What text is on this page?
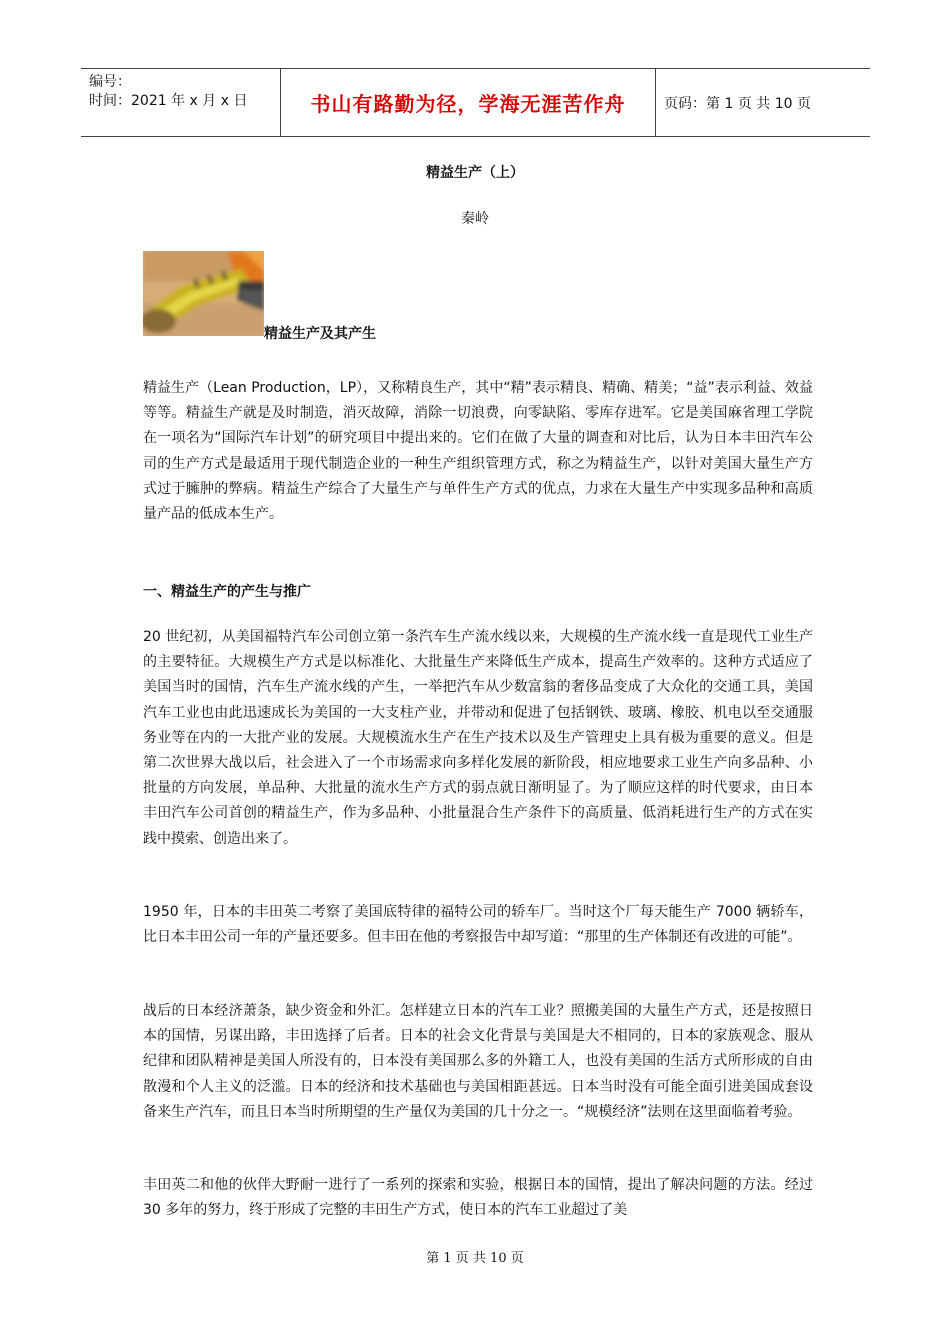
编号：
时间：2021 年 x 月 x 日	书山有路勤为径，学海无涯苦作舟	页码：第 1 页 共 10 页
精益生产（上）
秦岭
精益生产及其产生

精益生产（Lean Production，LP），又称精良生产，其中“精”表示精良、精确、精美；“益”表示利益、效益等等。精益生产就是及时制造，消灭故障，消除一切浪费，向零缺陷、零库存进军。它是美国麻省理工学院在一项名为“国际汽车计划”的研究项目中提出来的。它们在做了大量的调查和对比后，认为日本丰田汽车公司的生产方式是最适用于现代制造企业的一种生产组织管理方式，称之为精益生产，以针对美国大量生产方式过于臃肿的弊病。精益生产综合了大量生产与单件生产方式的优点，力求在大量生产中实现多品种和高质量产品的低成本生产。

一、精益生产的产生与推广

20 世纪初，从美国福特汽车公司创立第一条汽车生产流水线以来，大规模的生产流水线一直是现代工业生产的主要特征。大规模生产方式是以标准化、大批量生产来降低生产成本，提高生产效率的。这种方式适应了美国当时的国情，汽车生产流水线的产生，一举把汽车从少数富翁的奢侈品变成了大众化的交通工具，美国汽车工业也由此迅速成长为美国的一大支柱产业，并带动和促进了包括钢铁、玻璃、橡胶、机电以至交通服务业等在内的一大批产业的发展。大规模流水生产在生产技术以及生产管理史上具有极为重要的意义。但是第二次世界大战以后，社会进入了一个市场需求向多样化发展的新阶段，相应地要求工业生产向多品种、小批量的方向发展，单品种、大批量的流水生产方式的弱点就日渐明显了。为了顺应这样的时代要求，由日本丰田汽车公司首创的精益生产，作为多品种、小批量混合生产条件下的高质量、低消耗进行生产的方式在实践中摸索、创造出来了。

1950 年，日本的丰田英二考察了美国底特律的福特公司的轿车厂。当时这个厂每天能生产 7000 辆轿车，比日本丰田公司一年的产量还要多。但丰田在他的考察报告中却写道：“那里的生产体制还有改进的可能”。

战后的日本经济萧条，缺少资金和外汇。怎样建立日本的汽车工业？照搬美国的大量生产方式，还是按照日本的国情，另谋出路，丰田选择了后者。日本的社会文化背景与美国是大不相同的，日本的家族观念、服从纪律和团队精神是美国人所没有的，日本没有美国那么多的外籍工人，也没有美国的生活方式所形成的自由散漫和个人主义的泛滥。日本的经济和技术基础也与美国相距甚远。日本当时没有可能全面引进美国成套设备来生产汽车，而且日本当时所期望的生产量仅为美国的几十分之一。“规模经济”法则在这里面临着考验。

丰田英二和他的伙伴大野耐一进行了一系列的探索和实验，根据日本的国情，提出了解决问题的方法。经过 30 多年的努力，终于形成了完整的丰田生产方式，使日本的汽车工业超过了美

第 1 页 共 10 页
